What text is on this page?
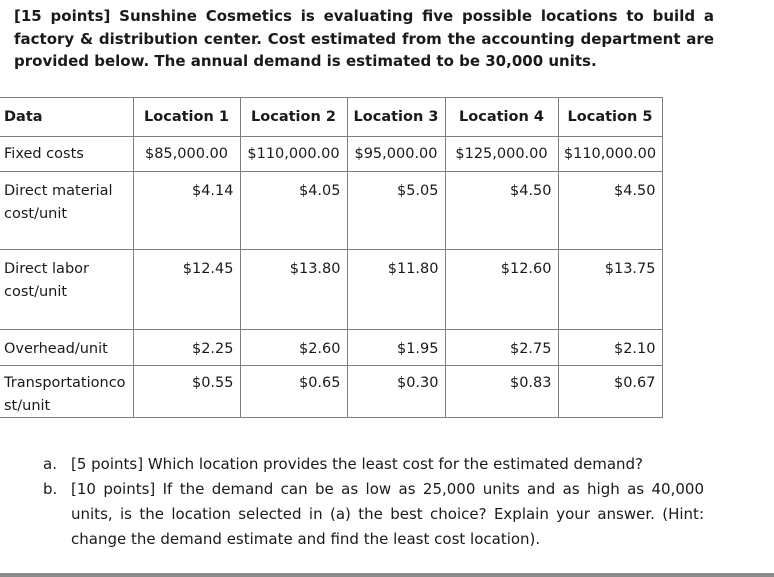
[15 points] Sunshine Cosmetics is evaluating five possible locations to build a factory & distribution center. Cost estimated from the accounting department are provided below. The annual demand is estimated to be 30,000 units.
Data	Location 1	Location 2	Location 3	Location 4	Location 5
Fixed costs	$85,000.00	$110,000.00	$95,000.00	$125,000.00	$110,000.00
Direct material cost/unit	$4.14	$4.05	$5.05	$4.50	$4.50
Direct labor cost/unit	$12.45	$13.80	$11.80	$12.60	$13.75
Overhead/unit	$2.25	$2.60	$1.95	$2.75	$2.10
Transportationcost/unit	$0.55	$0.65	$0.30	$0.83	$0.67
a. [5 points] Which location provides the least cost for the estimated demand?
b. [10 points] If the demand can be as low as 25,000 units and as high as 40,000 units, is the location selected in (a) the best choice? Explain your answer. (Hint: change the demand estimate and find the least cost location).
